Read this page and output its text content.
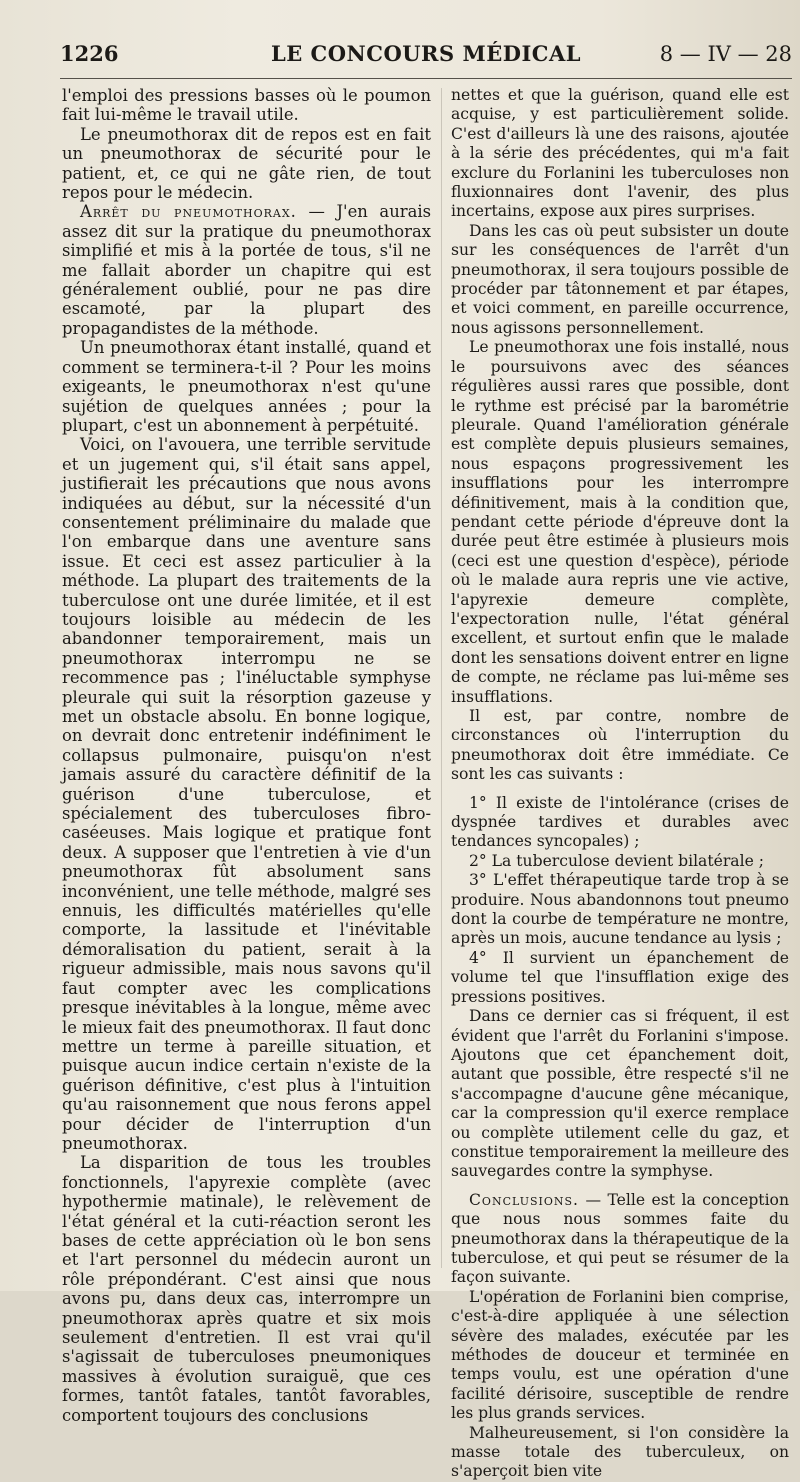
1226	LE CONCOURS MÉDICAL	8 — IV — 28

l'emploi des pressions basses où le poumon fait lui-même le travail utile.

Le pneumothorax dit de repos est en fait un pneumothorax de sécurité pour le patient, et, ce qui ne gâte rien, de tout repos pour le médecin.

Arrêt du pneumothorax. — J'en aurais assez dit sur la pratique du pneumothorax simplifié et mis à la portée de tous, s'il ne me fallait aborder un chapitre qui est généralement oublié, pour ne pas dire escamoté, par la plupart des propagandistes de la méthode.

Un pneumothorax étant installé, quand et comment se terminera-t-il ? Pour les moins exigeants, le pneumothorax n'est qu'une sujétion de quelques années ; pour la plupart, c'est un abonnement à perpétuité.

Voici, on l'avouera, une terrible servitude et un jugement qui, s'il était sans appel, justifierait les précautions que nous avons indiquées au début, sur la nécessité d'un consentement préliminaire du malade que l'on embarque dans une aventure sans issue. Et ceci est assez particulier à la méthode. La plupart des traitements de la tuberculose ont une durée limitée, et il est toujours loisible au médecin de les abandonner temporairement, mais un pneumothorax interrompu ne se recommence pas ; l'inéluctable symphyse pleurale qui suit la résorption gazeuse y met un obstacle absolu. En bonne logique, on devrait donc entretenir indéfiniment le collapsus pulmonaire, puisqu'on n'est jamais assuré du caractère définitif de la guérison d'une tuberculose, et spécialement des tuberculoses fibro-caséeuses. Mais logique et pratique font deux. A supposer que l'entretien à vie d'un pneumothorax fût absolument sans inconvénient, une telle méthode, malgré ses ennuis, les difficultés matérielles qu'elle comporte, la lassitude et l'inévitable démoralisation du patient, serait à la rigueur admissible, mais nous savons qu'il faut compter avec les complications presque inévitables à la longue, même avec le mieux fait des pneumothorax. Il faut donc mettre un terme à pareille situation, et puisque aucun indice certain n'existe de la guérison définitive, c'est plus à l'intuition qu'au raisonnement que nous ferons appel pour décider de l'interruption d'un pneumothorax.

La disparition de tous les troubles fonctionnels, l'apyrexie complète (avec hypothermie matinale), le relèvement de l'état général et la cuti-réaction seront les bases de cette appréciation où le bon sens et l'art personnel du médecin auront un rôle prépondérant. C'est ainsi que nous avons pu, dans deux cas, interrompre un pneumothorax après quatre et six mois seulement d'entretien. Il est vrai qu'il s'agissait de tuberculoses pneumoniques massives à évolution suraiguë, que ces formes, tantôt fatales, tantôt favorables, comportent toujours des conclusions

nettes et que la guérison, quand elle est acquise, y est particulièrement solide. C'est d'ailleurs là une des raisons, ajoutée à la série des précédentes, qui m'a fait exclure du Forlanini les tuberculoses non fluxionnaires dont l'avenir, des plus incertains, expose aux pires surprises.

Dans les cas où peut subsister un doute sur les conséquences de l'arrêt d'un pneumothorax, il sera toujours possible de procéder par tâtonnement et par étapes, et voici comment, en pareille occurrence, nous agissons personnellement.

Le pneumothorax une fois installé, nous le poursuivons avec des séances régulières aussi rares que possible, dont le rythme est précisé par la barométrie pleurale. Quand l'amélioration générale est complète depuis plusieurs semaines, nous espaçons progressivement les insufflations pour les interrompre définitivement, mais à la condition que, pendant cette période d'épreuve dont la durée peut être estimée à plusieurs mois (ceci est une question d'espèce), période où le malade aura repris une vie active, l'apyrexie demeure complète, l'expectoration nulle, l'état général excellent, et surtout enfin que le malade dont les sensations doivent entrer en ligne de compte, ne réclame pas lui-même ses insufflations.

Il est, par contre, nombre de circonstances où l'interruption du pneumothorax doit être immédiate. Ce sont les cas suivants :

1° Il existe de l'intolérance (crises de dyspnée tardives et durables avec tendances syncopales) ;

2° La tuberculose devient bilatérale ;

3° L'effet thérapeutique tarde trop à se produire. Nous abandonnons tout pneumo dont la courbe de température ne montre, après un mois, aucune tendance au lysis ;

4° Il survient un épanchement de volume tel que l'insufflation exige des pressions positives.

Dans ce dernier cas si fréquent, il est évident que l'arrêt du Forlanini s'impose. Ajoutons que cet épanchement doit, autant que possible, être respecté s'il ne s'accompagne d'aucune gêne mécanique, car la compression qu'il exerce remplace ou complète utilement celle du gaz, et constitue temporairement la meilleure des sauvegardes contre la symphyse.

Conclusions. — Telle est la conception que nous nous sommes faite du pneumothorax dans la thérapeutique de la tuberculose, et qui peut se résumer de la façon suivante.

L'opération de Forlanini bien comprise, c'est-à-dire appliquée à une sélection sévère des malades, exécutée par les méthodes de douceur et terminée en temps voulu, est une opération d'une facilité dérisoire, susceptible de rendre les plus grands services.

Malheureusement, si l'on considère la masse totale des tuberculeux, on s'aperçoit bien vite
